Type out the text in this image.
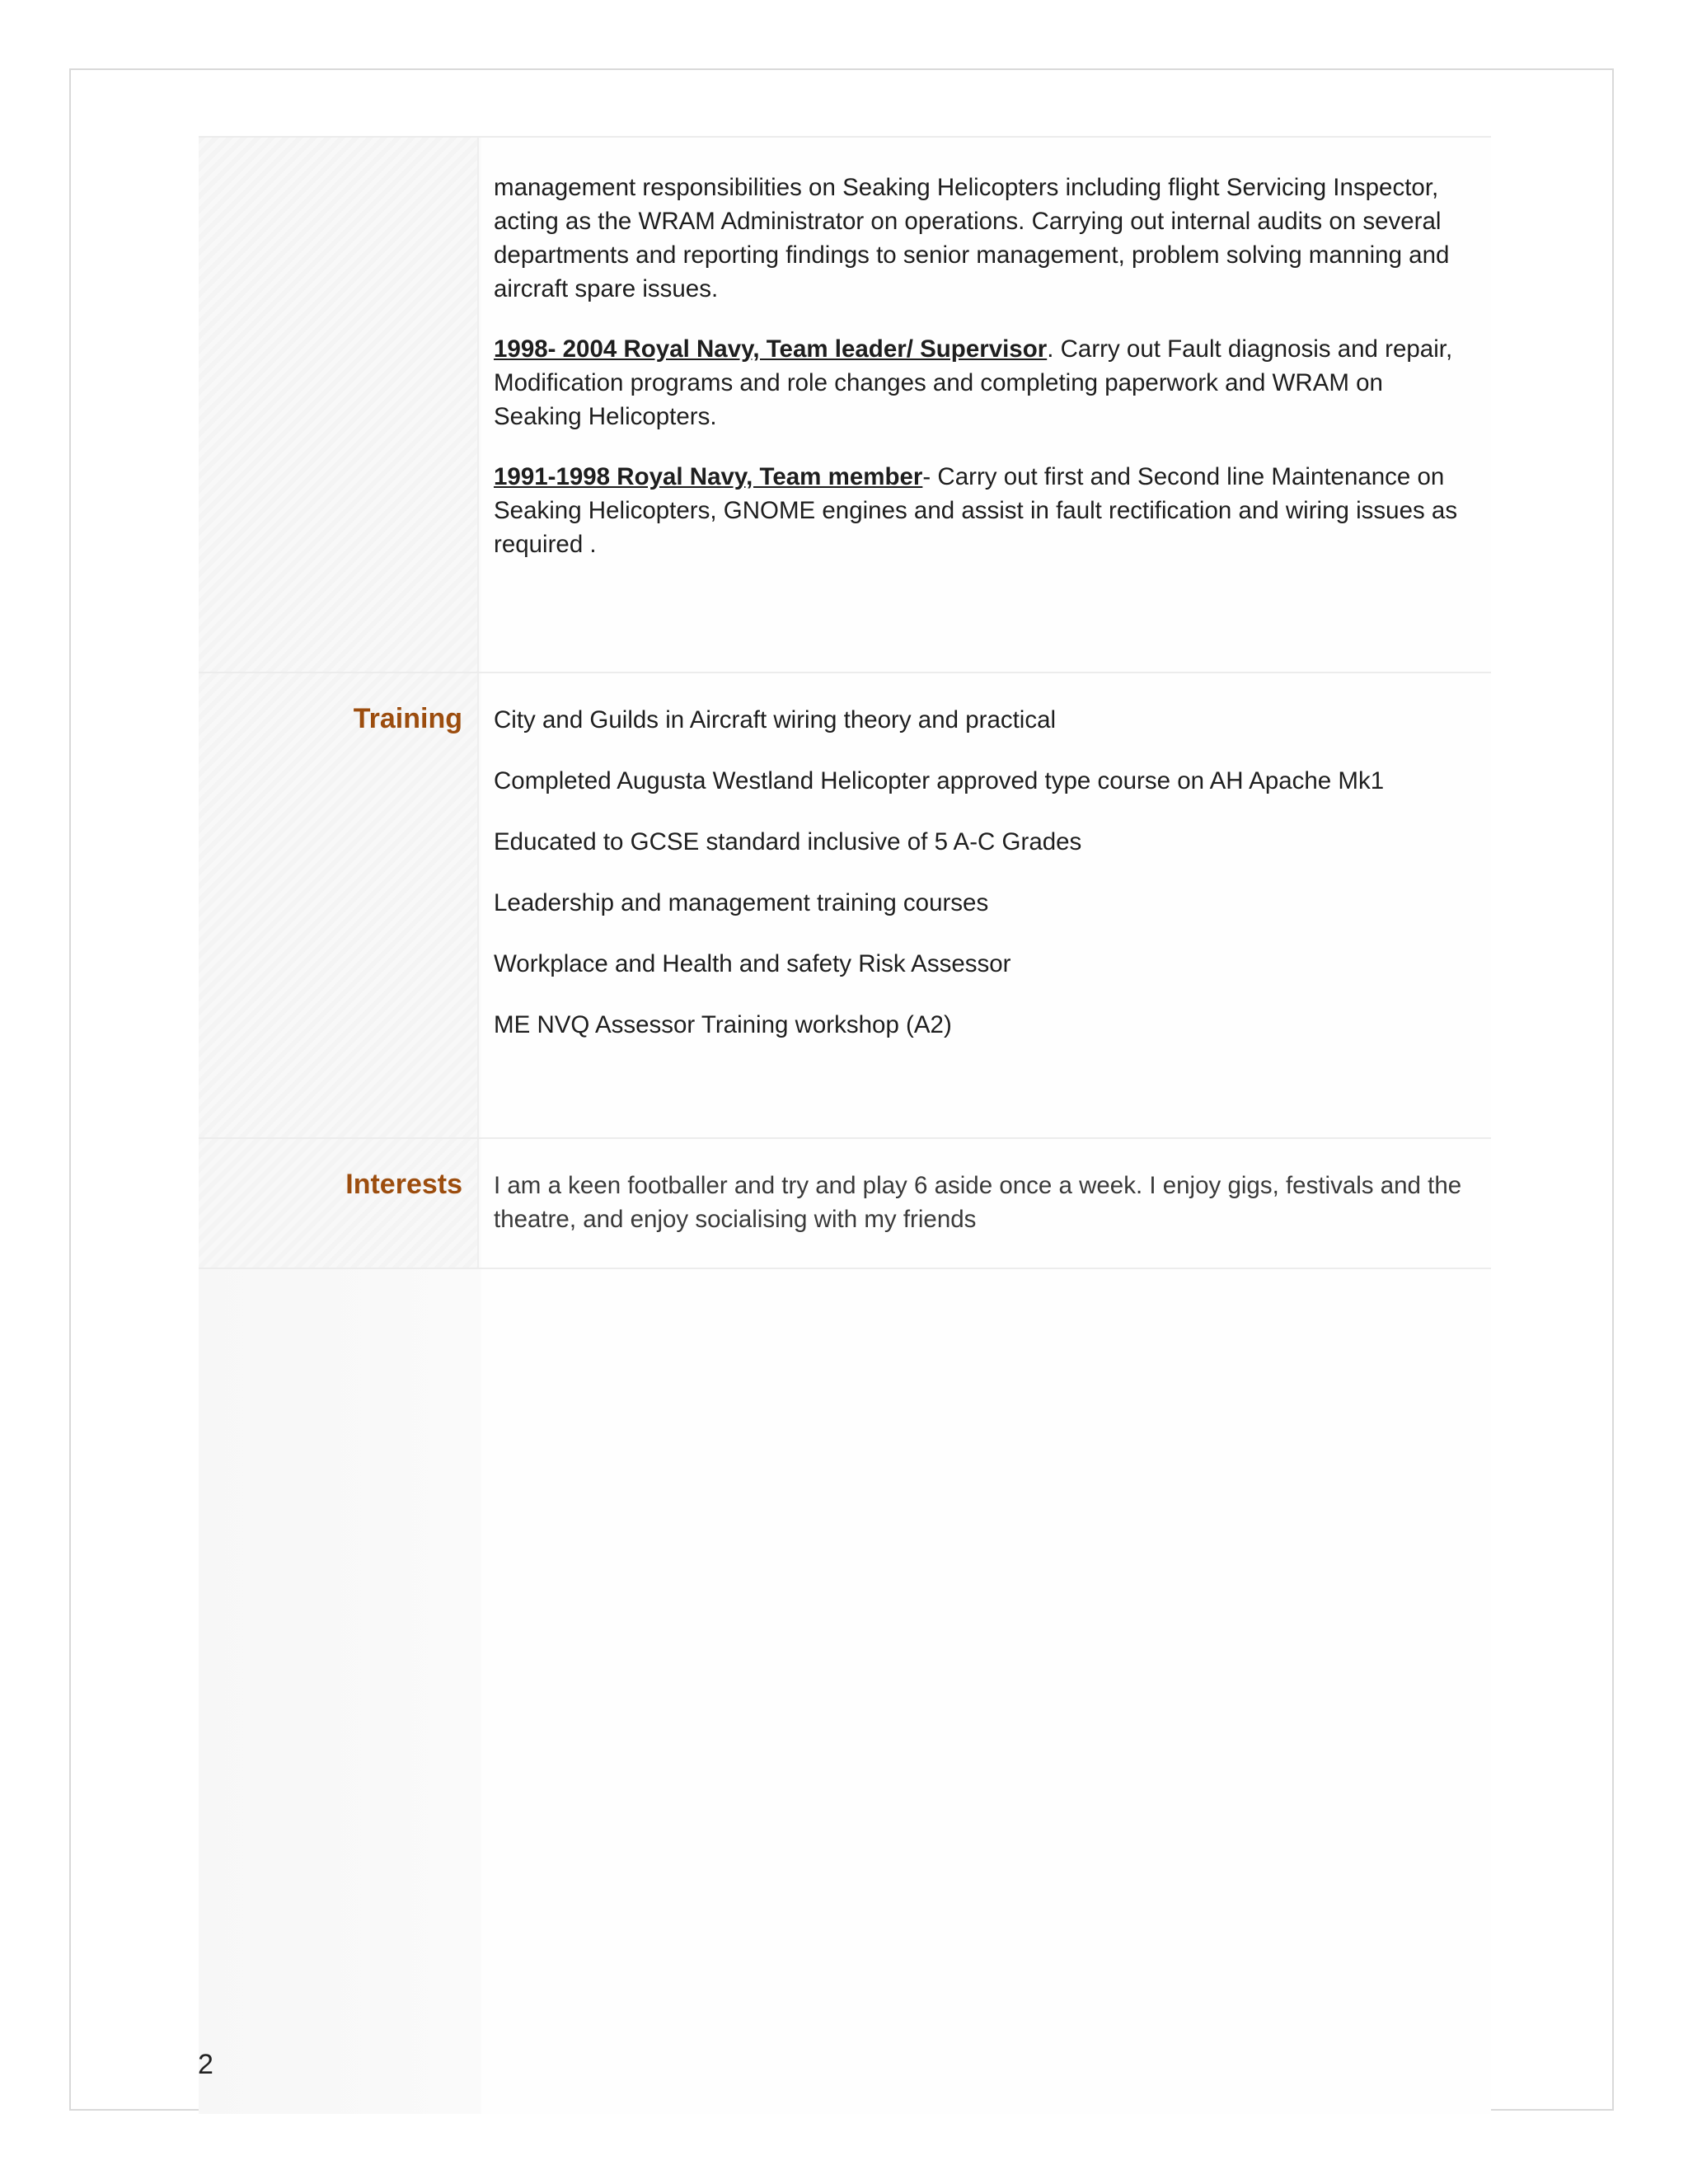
management responsibilities on Seaking Helicopters including flight Servicing Inspector, acting as the WRAM Administrator on operations. Carrying out internal audits on several departments and reporting findings to senior management, problem solving manning and aircraft spare issues.

1998- 2004 Royal Navy, Team leader/ Supervisor. Carry out Fault diagnosis and repair, Modification programs and role changes and completing paperwork and WRAM on Seaking Helicopters.

1991-1998 Royal Navy, Team member- Carry out first and Second line Maintenance on Seaking Helicopters, GNOME engines and assist in fault rectification and wiring issues as required .

Training City and Guilds in Aircraft wiring theory and practical

Completed Augusta Westland Helicopter approved type course on AH Apache Mk1

Educated to GCSE standard inclusive of 5 A-C Grades

Leadership and management training courses

Workplace and Health and safety Risk Assessor

ME NVQ Assessor Training workshop (A2)

Interests I am a keen footballer and try and play 6 aside once a week. I enjoy gigs, festivals and the theatre, and enjoy socialising with my friends

2
